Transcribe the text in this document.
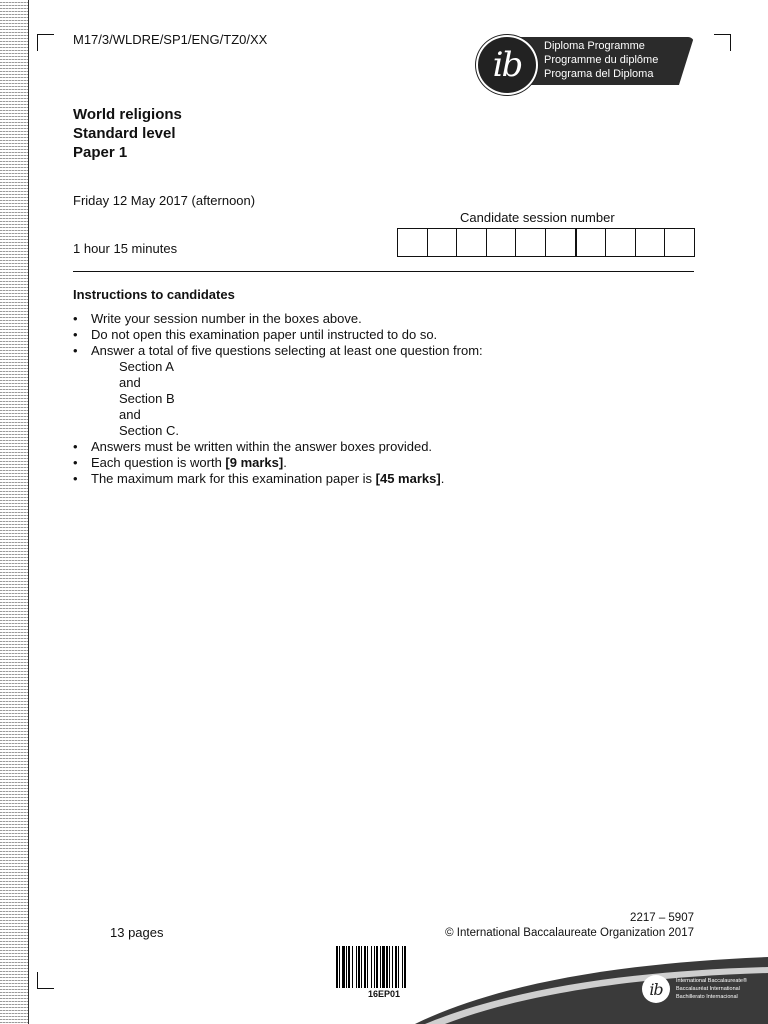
M17/3/WLDRE/SP1/ENG/TZ0/XX
ib	Diploma Programme
Programme du diplôme
Programa del Diploma
World religions
Standard level
Paper 1
Friday 12 May 2017 (afternoon)
1 hour 15 minutes
Candidate session number
Instructions to candidates
• Write your session number in the boxes above.
• Do not open this examination paper until instructed to do so.
• Answer a total of five questions selecting at least one question from:
Section A
and
Section B
and
Section C.
• Answers must be written within the answer boxes provided.
• Each question is worth [9 marks].
• The maximum mark for this examination paper is [45 marks].
13 pages
2217 – 5907
© International Baccalaureate Organization 2017
16EP01	ib	International Baccalaureate®
Baccalauréat International
Bachillerato Internacional
